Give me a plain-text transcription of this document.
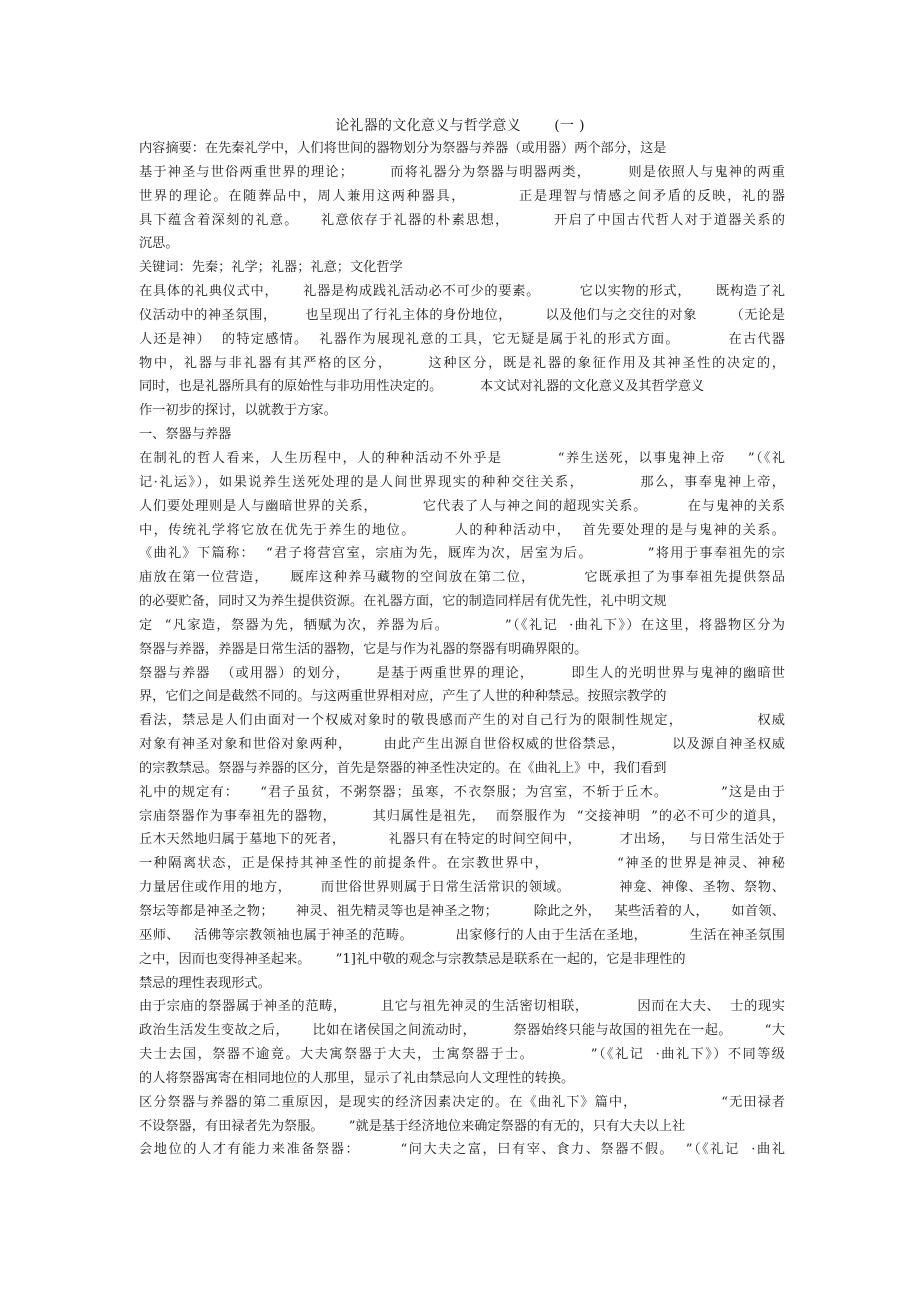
论礼器的文化意义与哲学意义       (一 )
内容摘要：在先秦礼学中，人们将世间的器物划分为祭器与养器（或用器）两个部分，这是
基于神圣与世俗两重世界的理论；       而将礼器分为祭器与明器两类，       则是依照人与鬼神的两重
世界的理论。在随葬品中，周人兼用这两种器具，         正是理智与情感之间矛盾的反映，礼的器
具下蕴含着深刻的礼意。    礼意依存于礼器的朴素思想，        开启了中国古代哲人对于道器关系的
沉思。
关键词：先秦；礼学；礼器；礼意；文化哲学
在具体的礼典仪式中，     礼器是构成践礼活动必不可少的要素。        它以实物的形式，     既构造了礼
仪活动中的神圣氛围，      也呈现出了行礼主体的身份地位，       以及他们与之交往的对象       （无论是
人还是神）  的特定感情。  礼器作为展现礼意的工具，它无疑是属于礼的形式方面。         在古代器
物中，礼器与非礼器有其严格的区分，      这种区分，既是礼器的象征作用及其神圣性的决定的，
同时，也是礼器所具有的原始性与非功用性决定的。         本文试对礼器的文化意义及其哲学意义
作一初步的探讨，以就教于方家。
一、祭器与养器
在制礼的哲人看来，人生历程中，人的种种活动不外乎是          “养生送死，以事鬼神上帝    ”（《礼
记·礼运》），如果说养生送死处理的是人间世界现实的种种交往关系，          那么，事奉鬼神上帝，
人们要处理则是人与幽暗世界的关系，         它代表了人与神之间的超现实关系。        在与鬼神的关系
中，传统礼学将它放在优先于养生的地位。       人的种种活动中，  首先要处理的是与鬼神的关系。
《曲礼》下篇称：  “君子将营宫室，宗庙为先，厩库为次，居室为后。          ”将用于事奉祖先的宗
庙放在第一位营造，    厩库这种养马藏物的空间放在第二位，         它既承担了为事奉祖先提供祭品
的必要贮备，同时又为养生提供资源。在礼器方面，它的制造同样居有优先性，礼中明文规
定  “凡家造，祭器为先，牺赋为次，养器为后。          ”（《礼记  ·曲礼下》）在这里，将器物区分为
祭器与养器，养器是日常生活的器物，它是与作为礼器的祭器有明确界限的。
祭器与养器  （或用器）的划分，     是基于两重世界的理论，       即生人的光明世界与鬼神的幽暗世
界，它们之间是截然不同的。与这两重世界相对应，产生了人世的种种禁忌。按照宗教学的
看法，禁忌是人们由面对一个权威对象时的敬畏感而产生的对自己行为的限制性规定，              权威
对象有神圣对象和世俗对象两种，      由此产生出源自世俗权威的世俗禁忌，         以及源自神圣权威
的宗教禁忌。祭器与养器的区分，首先是祭器的神圣性决定的。在《曲礼上》中，我们看到
礼中的规定有：    “君子虽贫，不粥祭器；虽寒，不衣祭服；为宫室，不斩于丘木。          ”这是由于
宗庙祭器作为事奉祖先的器物，       其归属性是祖先，  而祭服作为  “交接神明  ”的必不可少的道具，
丘木天然地归属于墓地下的死者，         礼器只有在特定的时间空间中，        才出场，   与日常生活处于
一种隔离状态，正是保持其神圣性的前提条件。在宗教世界中，            “神圣的世界是神灵、神秘
力量居住或作用的地方，      而世俗世界则属于日常生活常识的领域。          神龛、神像、圣物、祭物、
祭坛等都是神圣之物；     神灵、祖先精灵等也是神圣之物；        除此之外，   某些活着的人，     如首领、
巫师、   活佛等宗教领袖也属于神圣的范畴。         出家修行的人由于生活在圣地，         生活在神圣氛围
之中，因而也变得神圣起来。      ”1]礼中敬的观念与宗教禁忌是联系在一起的，它是非理性的
禁忌的理性表现形式。
由于宗庙的祭器属于神圣的范畴，       且它与祖先神灵的生活密切相联，          因而在大夫、  士的现实
政治生活发生变故之后，     比如在诸侯国之间流动时，        祭器始终只能与故国的祖先在一起。       “大
夫士去国，祭器不逾竟。大夫寓祭器于大夫，士寓祭器于士。          ”（《礼记  ·曲礼下》）不同等级
的人将祭器寓寄在相同地位的人那里，显示了礼由禁忌向人文理性的转换。
区分祭器与养器的第二重原因，是现实的经济因素决定的。在《曲礼下》篇中，                “无田禄者
不设祭器，有田禄者先为祭服。      ”就是基于经济地位来确定祭器的有无的，只有大夫以上社
会地位的人才有能力来准备祭器：       “问大夫之富，曰有宰、食力、祭器不假。  ”（《礼记  ·曲礼
